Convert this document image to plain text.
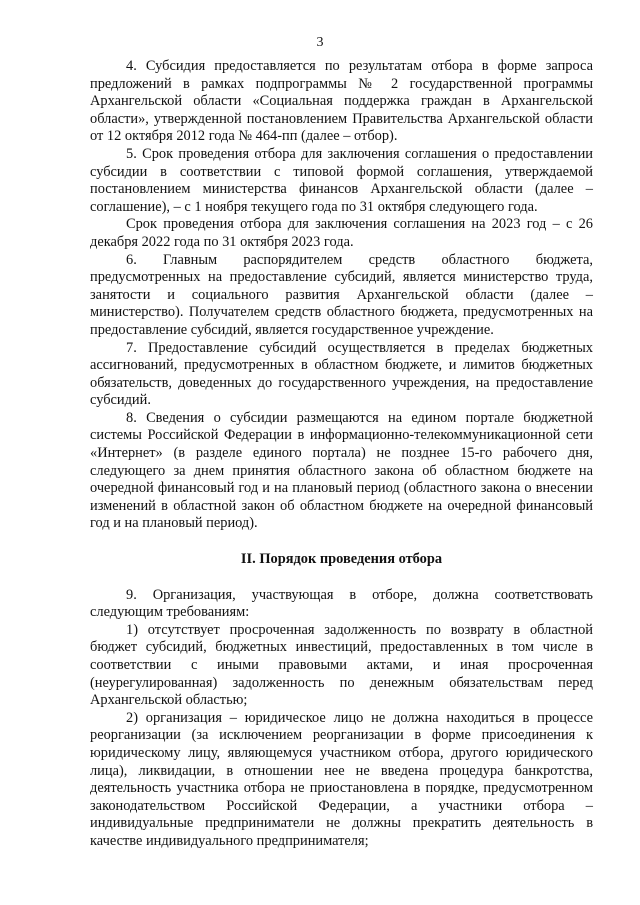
3

4. Субсидия предоставляется по результатам отбора в форме запроса предложений в рамках подпрограммы № 2 государственной программы Архангельской области «Социальная поддержка граждан в Архангельской области», утвержденной постановлением Правительства Архангельской области от 12 октября 2012 года № 464-пп (далее – отбор).

5. Срок проведения отбора для заключения соглашения о предоставлении субсидии в соответствии с типовой формой соглашения, утверждаемой постановлением министерства финансов Архангельской области (далее – соглашение), – с 1 ноября текущего года по 31 октября следующего года.

Срок проведения отбора для заключения соглашения на 2023 год – с 26 декабря 2022 года по 31 октября 2023 года.

6. Главным распорядителем средств областного бюджета, предусмотренных на предоставление субсидий, является министерство труда, занятости и социального развития Архангельской области (далее – министерство). Получателем средств областного бюджета, предусмотренных на предоставление субсидий, является государственное учреждение.

7. Предоставление субсидий осуществляется в пределах бюджетных ассигнований, предусмотренных в областном бюджете, и лимитов бюджетных обязательств, доведенных до государственного учреждения, на предоставление субсидий.

8. Сведения о субсидии размещаются на едином портале бюджетной системы Российской Федерации в информационно-телекоммуникационной сети «Интернет» (в разделе единого портала) не позднее 15-го рабочего дня, следующего за днем принятия областного закона об областном бюджете на очередной финансовый год и на плановый период (областного закона о внесении изменений в областной закон об областном бюджете на очередной финансовый год и на плановый период).

II. Порядок проведения отбора

9. Организация, участвующая в отборе, должна соответствовать следующим требованиям:

1) отсутствует просроченная задолженность по возврату в областной бюджет субсидий, бюджетных инвестиций, предоставленных в том числе в соответствии с иными правовыми актами, и иная просроченная (неурегулированная) задолженность по денежным обязательствам перед Архангельской областью;

2) организация – юридическое лицо не должна находиться в процессе реорганизации (за исключением реорганизации в форме присоединения к юридическому лицу, являющемуся участником отбора, другого юридического лица), ликвидации, в отношении нее не введена процедура банкротства, деятельность участника отбора не приостановлена в порядке, предусмотренном законодательством Российской Федерации, а участники отбора – индивидуальные предприниматели не должны прекратить деятельность в качестве индивидуального предпринимателя;
